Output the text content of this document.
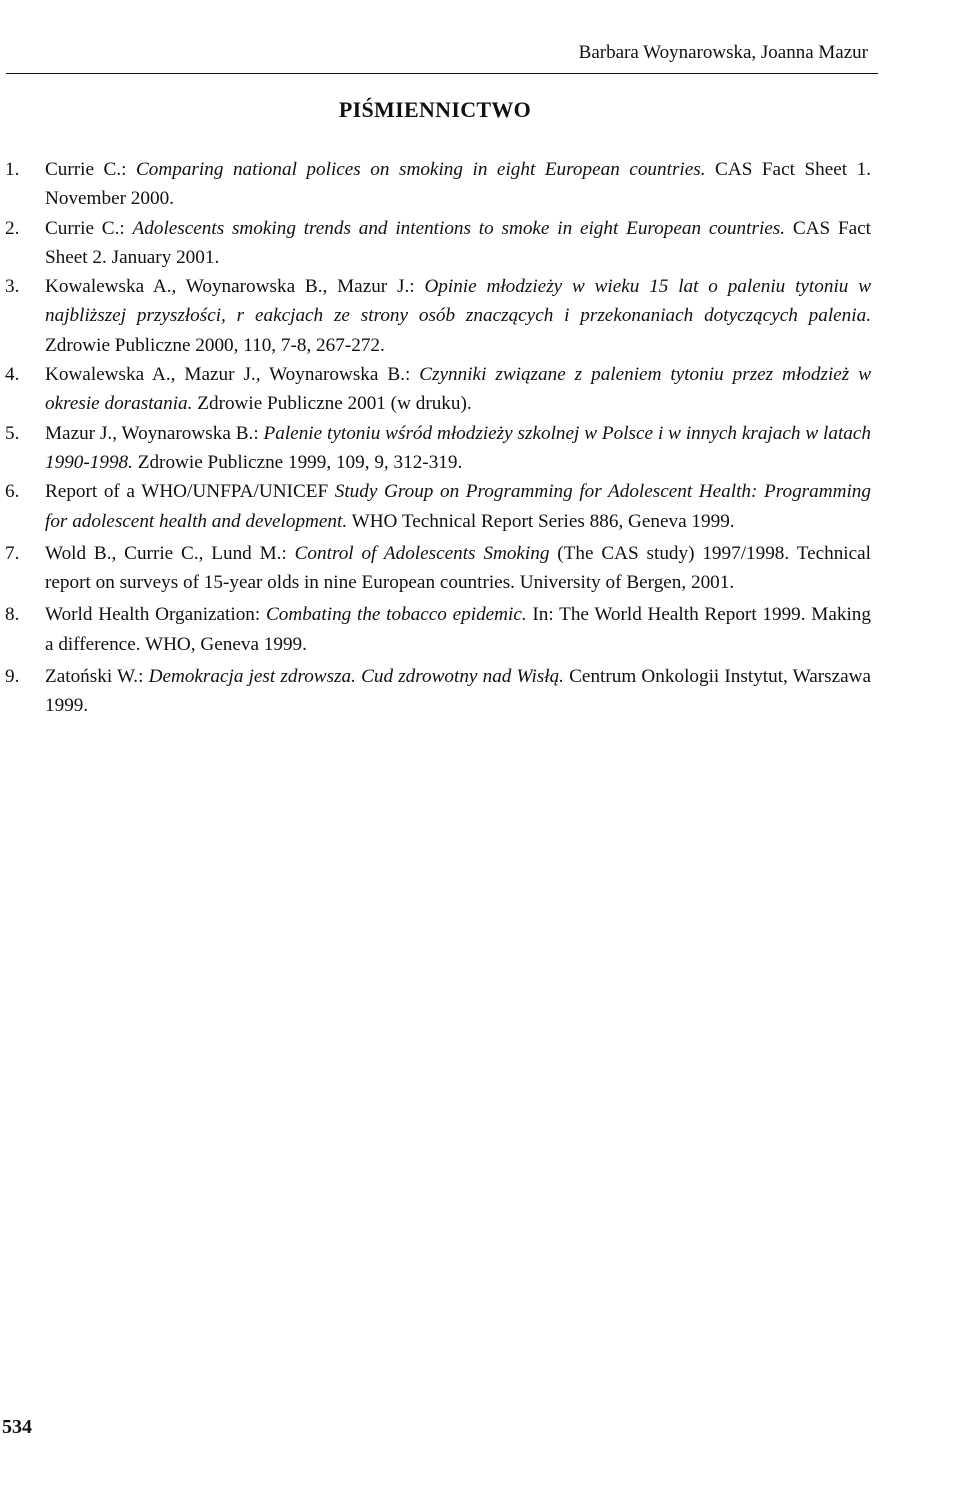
Barbara Woynarowska, Joanna Mazur
PIŚMIENNICTWO
1. Currie C.: Comparing national polices on smoking in eight European countries. CAS Fact Sheet 1. November 2000.
2. Currie C.: Adolescents smoking trends and intentions to smoke in eight European countries. CAS Fact Sheet 2. January 2001.
3. Kowalewska A., Woynarowska B., Mazur J.: Opinie młodzieży w wieku 15 lat o paleniu tytoniu w najbliższej przyszłości, r eakcjach ze strony osób znaczących i przekonaniach dotyczących palenia. Zdrowie Publiczne 2000, 110, 7-8, 267-272.
4. Kowalewska A., Mazur J., Woynarowska B.: Czynniki związane z paleniem tytoniu przez młodzież w okresie dorastania. Zdrowie Publiczne 2001 (w druku).
5. Mazur J., Woynarowska B.: Palenie tytoniu wśród młodzieży szkolnej w Polsce i w innych krajach w latach 1990-1998. Zdrowie Publiczne 1999, 109, 9, 312-319.
6. Report of a WHO/UNFPA/UNICEF Study Group on Programming for Adolescent Health: Programming for adolescent health and development. WHO Technical Report Series 886, Geneva 1999.
7. Wold B., Currie C., Lund M.: Control of Adolescents Smoking (The CAS study) 1997/1998. Technical report on surveys of 15-year olds in nine European countries. University of Bergen, 2001.
8. World Health Organization: Combating the tobacco epidemic. In: The World Health Report 1999. Making a difference. WHO, Geneva 1999.
9. Zatoński W.: Demokracja jest zdrowsza. Cud zdrowotny nad Wisłą. Centrum Onkologii Instytut, Warszawa 1999.
534
